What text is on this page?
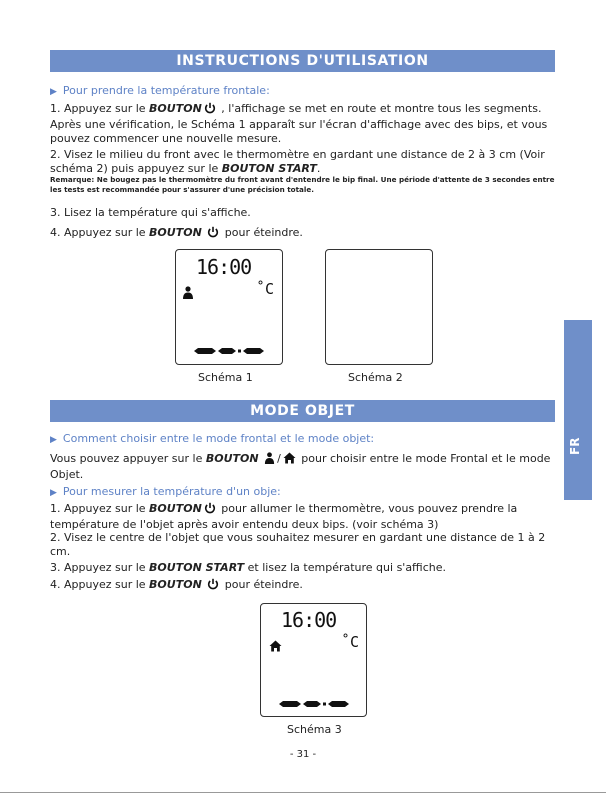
INSTRUCTIONS D'UTILISATION
▶ Pour prendre la température frontale:
1. Appuyez sur le BOUTON , l'affichage se met en route et montre tous les segments.
Après une vérification, le Schéma 1 apparaît sur l'écran d'affichage avec des bips, et vous pouvez commencer une nouvelle mesure.
2. Visez le milieu du front avec le thermomètre en gardant une distance de 2 à 3 cm (Voir schéma 2) puis appuyez sur le BOUTON START.
Remarque: Ne bougez pas le thermomètre du front avant d'entendre le bip final. Une période d'attente de 3 secondes entre les tests est recommandée pour s'assurer d'une précision totale.
3. Lisez la température qui s'affiche.
4. Appuyez sur le BOUTON  pour éteindre.
16:00
˚C
Schéma 1	Schéma 2
MODE OBJET
▶ Comment choisir entre le mode frontal et le mode objet:
Vous pouvez appuyer sur le BOUTON / pour choisir entre le mode Frontal et le mode Objet.
▶ Pour mesurer la température d'un obje:
1. Appuyez sur le BOUTON pour allumer le thermomètre, vous pouvez prendre la température de l'objet après avoir entendu deux bips. (voir schéma 3)
2. Visez le centre de l'objet que vous souhaitez mesurer en gardant une distance de 1 à 2 cm.
3. Appuyez sur le BOUTON START et lisez la température qui s'affiche.
4. Appuyez sur le BOUTON  pour éteindre.
16:00
˚C
Schéma 3
FR
- 31 -
